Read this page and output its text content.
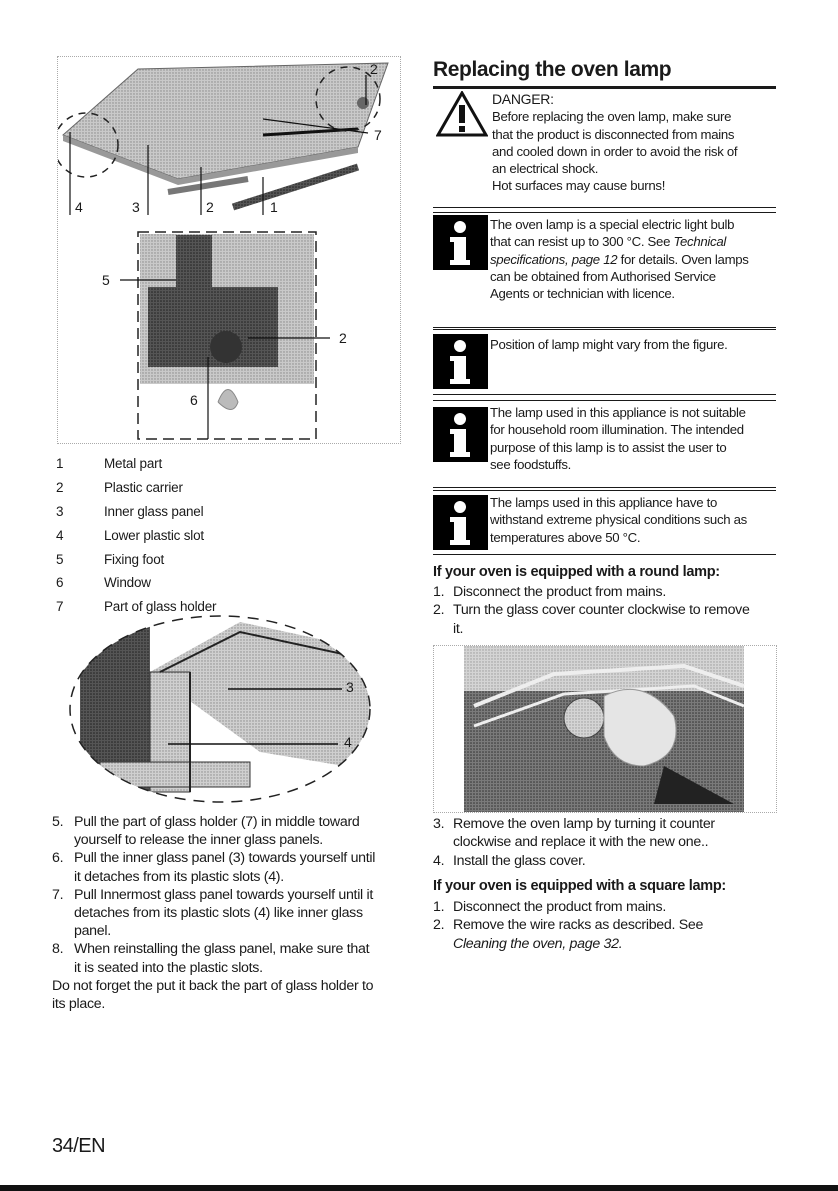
2
7
4	3	2	1
5
2
6
1	Metal part
2	Plastic carrier
3	Inner glass panel
4	Lower plastic slot
5	Fixing foot
6	Window
7	Part of glass holder
3
4
5. Pull the part of glass holder (7) in middle toward
yourself to release the inner glass panels.
6. Pull the inner glass panel (3) towards yourself until
it detaches from its plastic slots (4).
7. Pull Innermost glass panel towards yourself until it
detaches from its plastic slots (4) like inner glass
panel.
8. When reinstalling the glass panel, make sure that
it is seated into the plastic slots.
Do not forget the put it back the part of glass holder to
its place.
Replacing the oven lamp
DANGER:
Before replacing the oven lamp, make sure
that the product is disconnected from mains
and cooled down in order to avoid the risk of
an electrical shock.
Hot surfaces may cause burns!
The oven lamp is a special electric light bulb
that can resist up to 300 °C. See Technical
specifications, page 12 for details. Oven lamps
can be obtained from Authorised Service
Agents or technician with licence.
Position of lamp might vary from the figure.
The lamp used in this appliance is not suitable
for household room illumination. The intended
purpose of this lamp is to assist the user to
see foodstuffs.
The lamps used in this appliance have to
withstand extreme physical conditions such as
temperatures above 50 °C.
If your oven is equipped with a round lamp:
1. Disconnect the product from mains.
2. Turn the glass cover counter clockwise to remove
it.
3. Remove the oven lamp by turning it counter
clockwise and replace it with the new one..
4. Install the glass cover.
If your oven is equipped with a square lamp:
1. Disconnect the product from mains.
2. Remove the wire racks as described. See
Cleaning the oven, page 32.
34/EN
